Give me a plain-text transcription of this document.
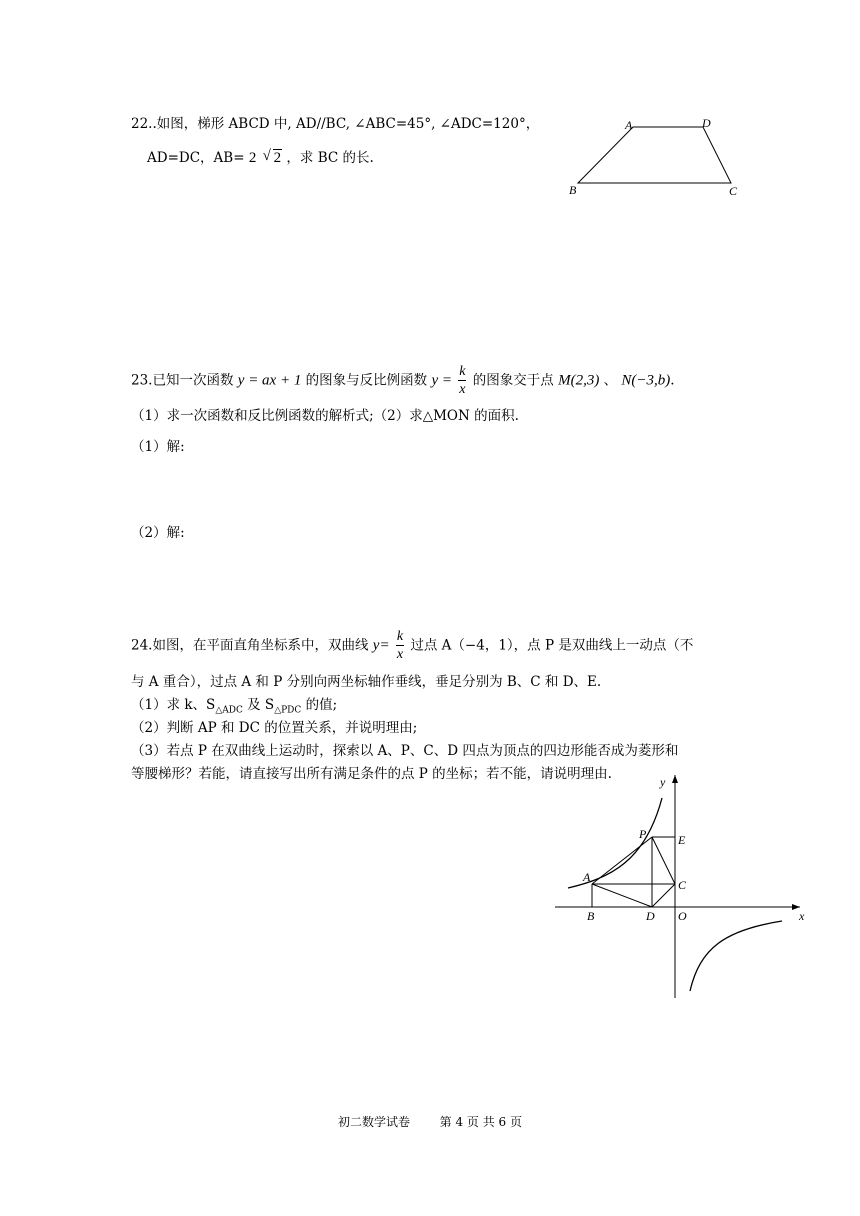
22..如图，梯形 ABCD 中, AD//BC, ∠ABC=45°, ∠ADC=120°，
AD=DC，AB= 2 √ 2 ，求 BC 的长.
A	D
B	C
23.已知一次函数 y = ax + 1 的图象与反比例函数 $y = \frac{k}{x}$ 的图象交于点 M(2,3) 、 N(−3,b).
（1）求一次函数和反比例函数的解析式;（2）求△MON 的面积.
（1）解:
（2）解:
24.如图，在平面直角坐标系中，双曲线 $y= \frac{k}{x}$ 过点 A（−4，1），点 P 是双曲线上一动点（不
与 A 重合），过点 A 和 P 分别向两坐标轴作垂线，垂足分别为 B、C 和 D、E.
（1）求 k、$S_{\triangle ADC}$ 及 $S_{\triangle PDC}$ 的值;
（2）判断 AP 和 DC 的位置关系，并说明理由;
（3）若点 P 在双曲线上运动时，探索以 A、P、C、D 四点为顶点的四边形能否成为菱形和
等腰梯形？若能，请直接写出所有满足条件的点 P 的坐标；若不能，请说明理由.	y
x
P	E
A
C
B	D O
初二数学试卷 第 4 页 共 6 页
